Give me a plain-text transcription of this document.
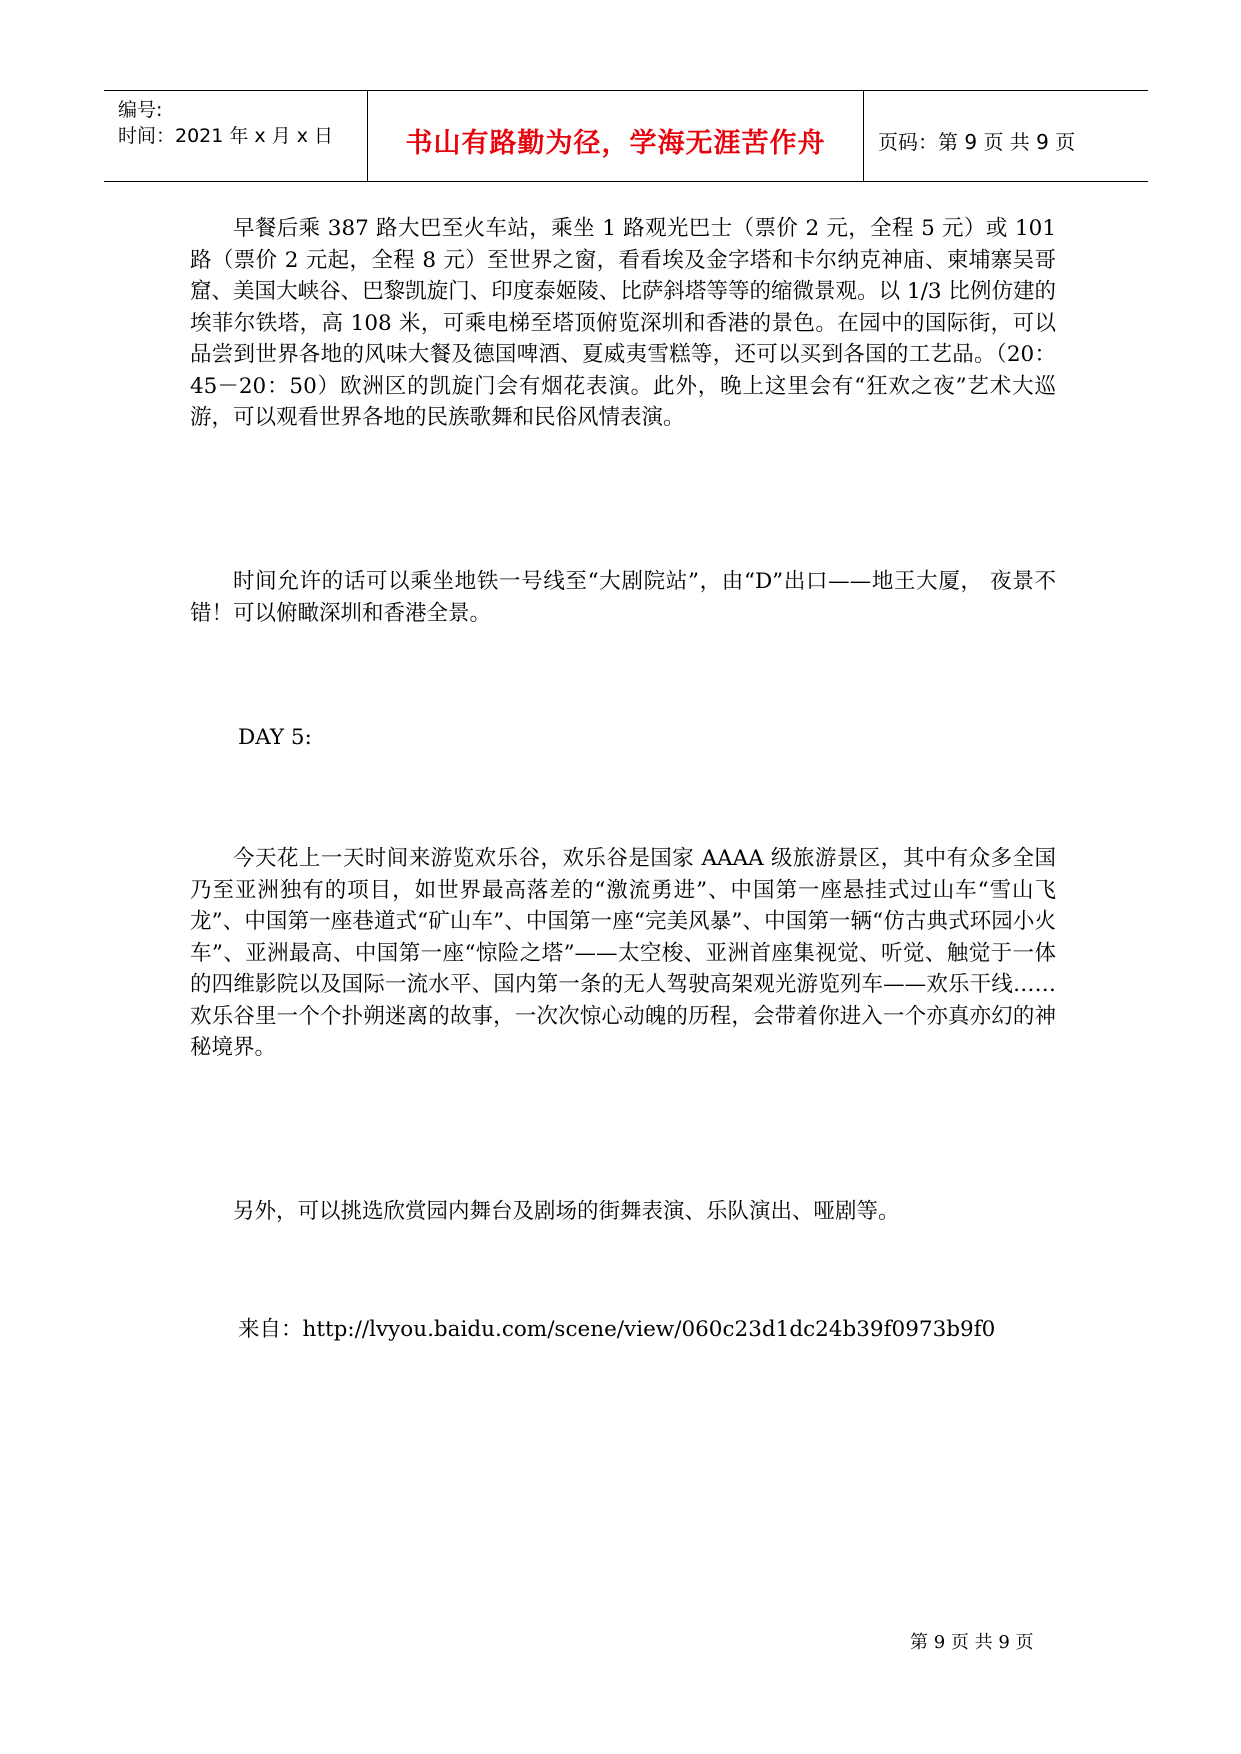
编号:
时间：2021 年 x 月 x 日	书山有路勤为径，学海无涯苦作舟	页码：第 9 页 共 9 页

早餐后乘 387 路大巴至火车站，乘坐 1 路观光巴士（票价 2 元，全程 5 元）或 101 路（票价 2 元起，全程 8 元）至世界之窗，看看埃及金字塔和卡尔纳克神庙、柬埔寨吴哥窟、美国大峡谷、巴黎凯旋门、印度泰姬陵、比萨斜塔等等的缩微景观。以 1/3 比例仿建的埃菲尔铁塔，高 108 米，可乘电梯至塔顶俯览深圳和香港的景色。在园中的国际街，可以品尝到世界各地的风味大餐及德国啤酒、夏威夷雪糕等，还可以买到各国的工艺品。（20：45－20：50）欧洲区的凯旋门会有烟花表演。此外，晚上这里会有“狂欢之夜”艺术大巡游，可以观看世界各地的民族歌舞和民俗风情表演。

时间允许的话可以乘坐地铁一号线至“大剧院站”，由“D”出口——地王大厦， 夜景不错！可以俯瞰深圳和香港全景。

DAY 5:

今天花上一天时间来游览欢乐谷，欢乐谷是国家 AAAA 级旅游景区，其中有众多全国乃至亚洲独有的项目，如世界最高落差的“激流勇进”、中国第一座悬挂式过山车“雪山飞龙”、中国第一座巷道式“矿山车”、中国第一座“完美风暴”、中国第一辆“仿古典式环园小火车”、亚洲最高、中国第一座“惊险之塔”——太空梭、亚洲首座集视觉、听觉、触觉于一体的四维影院以及国际一流水平、国内第一条的无人驾驶高架观光游览列车——欢乐干线……欢乐谷里一个个扑朔迷离的故事，一次次惊心动魄的历程，会带着你进入一个亦真亦幻的神秘境界。

另外，可以挑选欣赏园内舞台及剧场的街舞表演、乐队演出、哑剧等。

来自：http://lvyou.baidu.com/scene/view/060c23d1dc24b39f0973b9f0

第 9 页 共 9 页
